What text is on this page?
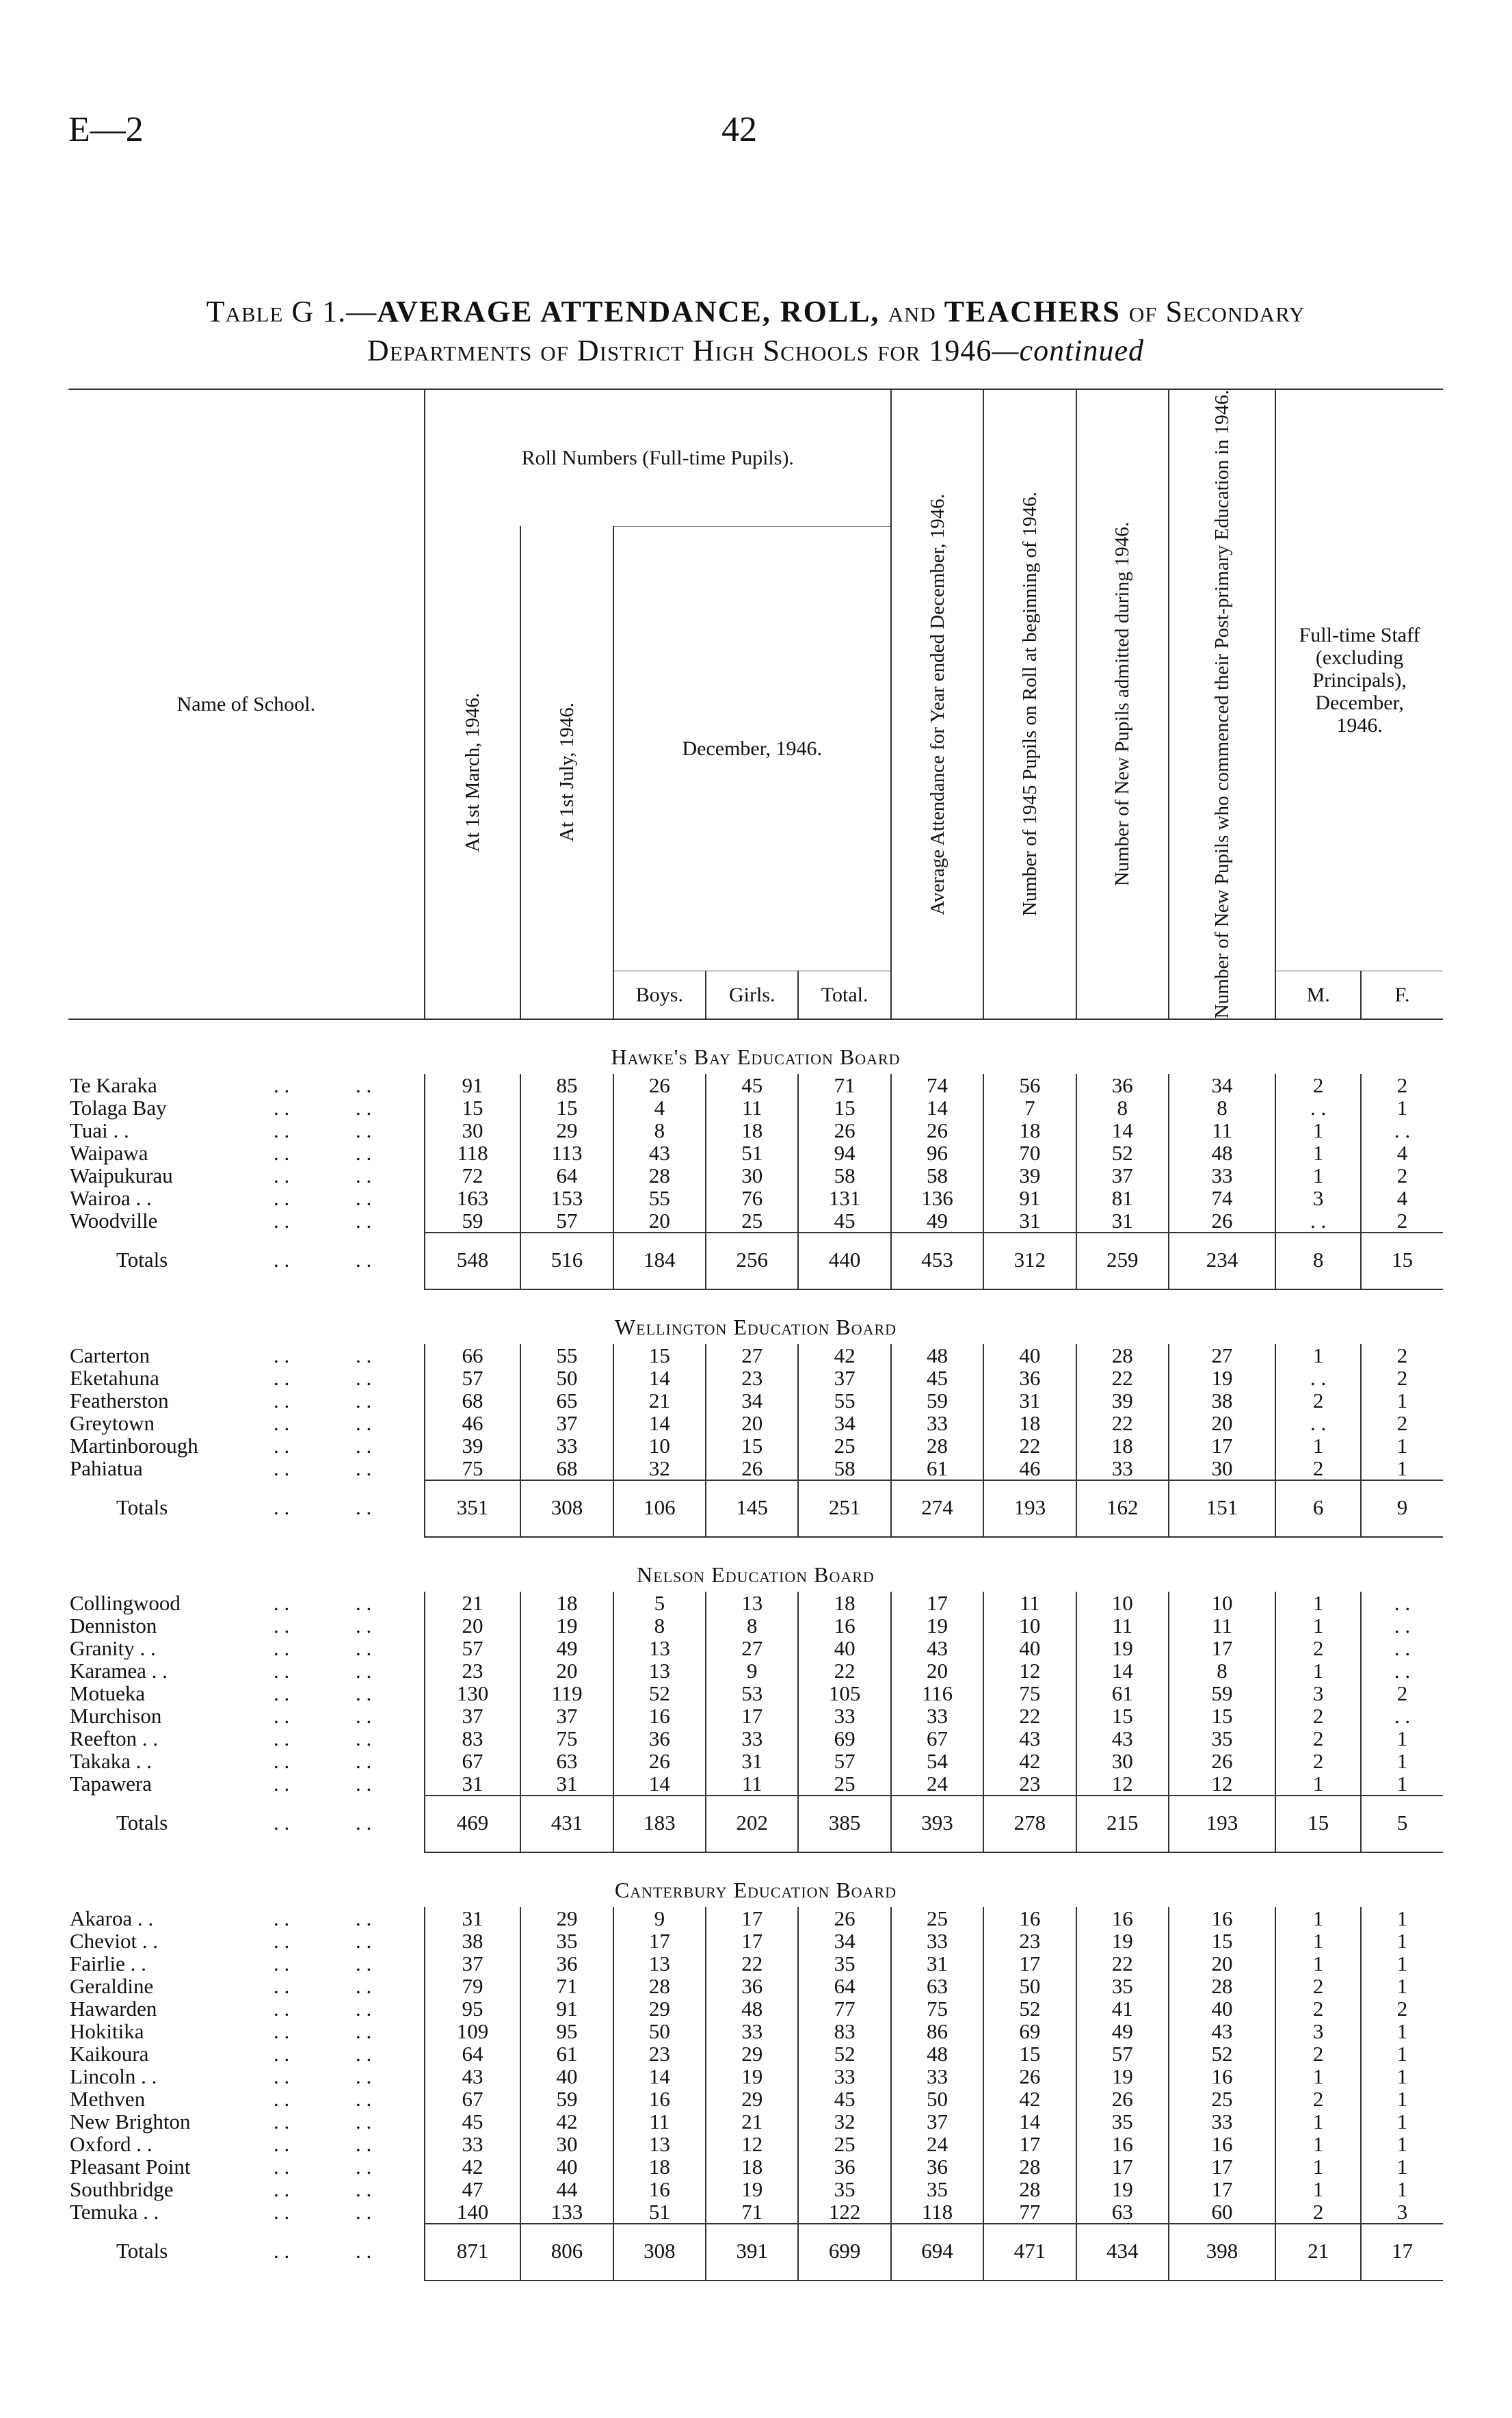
E—2	42
Table G 1.—AVERAGE ATTENDANCE, ROLL, and TEACHERS of Secondary
Departments of District High Schools for 1946—continued
Name of School.	Roll Numbers (Full-time Pupils).					Average Attendance for Year ended December, 1946.	Number of 1945 Pupils on Roll at beginning of 1946.	Number of New Pupils admitted during 1946.	Number of New Pupils who commenced their Post-primary Education in 1946.	Full-time Staff (excluding Principals), December, 1946.	

	At 1st March, 1946.	At 1st July, 1946.	December, 1946.								
			Boys.	Girls.	Total.					M.	F.
Hawke's Bay Education Board											
Te Karaka . . . .	91	85	26	45	71	74	56	36	34	2	2
Tolaga Bay . . . .	15	15	4	11	15	14	7	8	8	. .	1
Tuai . . . . . .	30	29	8	18	26	26	18	14	11	1	. .
Waipawa . . . .	118	113	43	51	94	96	70	52	48	1	4
Waipukurau . . . .	72	64	28	30	58	58	39	37	33	1	2
Wairoa . . . . . .	163	153	55	76	131	136	91	81	74	3	4
Woodville . . . .	59	57	20	25	45	49	31	31	26	. .	2
Totals . . . .	548	516	184	256	440	453	312	259	234	8	15
Wellington Education Board											
Carterton . . . .	66	55	15	27	42	48	40	28	27	1	2
Eketahuna . . . .	57	50	14	23	37	45	36	22	19	. .	2
Featherston . . . .	68	65	21	34	55	59	31	39	38	2	1
Greytown . . . .	46	37	14	20	34	33	18	22	20	. .	2
Martinborough . . . .	39	33	10	15	25	28	22	18	17	1	1
Pahiatua . . . .	75	68	32	26	58	61	46	33	30	2	1
Totals . . . .	351	308	106	145	251	274	193	162	151	6	9
Nelson Education Board											
Collingwood . . . .	21	18	5	13	18	17	11	10	10	1	. .
Denniston . . . .	20	19	8	8	16	19	10	11	11	1	. .
Granity . . . . . .	57	49	13	27	40	43	40	19	17	2	. .
Karamea . . . . . .	23	20	13	9	22	20	12	14	8	1	. .
Motueka . . . .	130	119	52	53	105	116	75	61	59	3	2
Murchison . . . .	37	37	16	17	33	33	22	15	15	2	. .
Reefton . . . . . .	83	75	36	33	69	67	43	43	35	2	1
Takaka . . . . . .	67	63	26	31	57	54	42	30	26	2	1
Tapawera . . . .	31	31	14	11	25	24	23	12	12	1	1
Totals . . . .	469	431	183	202	385	393	278	215	193	15	5
Canterbury Education Board											
Akaroa . . . . . .	31	29	9	17	26	25	16	16	16	1	1
Cheviot . . . . . .	38	35	17	17	34	33	23	19	15	1	1
Fairlie . . . . . .	37	36	13	22	35	31	17	22	20	1	1
Geraldine . . . .	79	71	28	36	64	63	50	35	28	2	1
Hawarden . . . .	95	91	29	48	77	75	52	41	40	2	2
Hokitika . . . .	109	95	50	33	83	86	69	49	43	3	1
Kaikoura . . . .	64	61	23	29	52	48	15	57	52	2	1
Lincoln . . . . . .	43	40	14	19	33	33	26	19	16	1	1
Methven . . . .	67	59	16	29	45	50	42	26	25	2	1
New Brighton . . . .	45	42	11	21	32	37	14	35	33	1	1
Oxford . . . . . .	33	30	13	12	25	24	17	16	16	1	1
Pleasant Point . . . .	42	40	18	18	36	36	28	17	17	1	1
Southbridge . . . .	47	44	16	19	35	35	28	19	17	1	1
Temuka . . . . . .	140	133	51	71	122	118	77	63	60	2	3
Totals . . . .	871	806	308	391	699	694	471	434	398	21	17
